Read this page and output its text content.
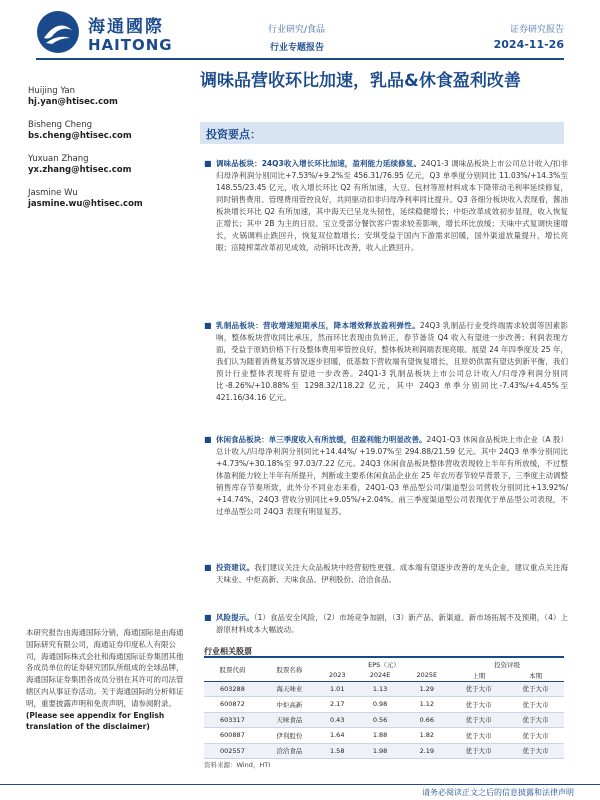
海通國際
HAITONG
行业研究/食品
行业专题报告
证券研究报告
2024-11-26
Huijing Yan
hj.yan@htisec.com
Bisheng Cheng
bs.cheng@htisec.com
Yuxuan Zhang
yx.zhang@htisec.com
Jasmine Wu
jasmine.wu@htisec.com
调味品营收环比加速，乳品&休食盈利改善
投资要点：
■ 调味品板块：24Q3收入增长环比加速，盈利能力延续修复。24Q1-3 调味品板块上市公司总计收入/扣非归母净利润分别同比+7.53%/+9.2%至 456.31/76.95 亿元，Q3 单季度分别同比 11.03%/+14.3%至 148.55/23.45 亿元，收入增长环比 Q2 有所加速，大豆、包材等原材料成本下降带动毛利率延续修复，同时销售费用、管理费用管控良好，共同驱动扣非归母净利率同比提升。Q3 各细分板块收入表现看，酱油板块增长环比 Q2 有所加速，其中海天已呈龙头韧性，延续稳健增长；中炬改革成效初步显现，收入恢复正增长；其中 2B 为主的日辰、宝立受部分餐饮客户需求较差影响，增长环比放缓；天味中式复调快速增长，火锅调料止跌回升，恢复双位数增长；安琪受益于国内下游需求回暖，国外渠道放量提升，增长亮眼；涪陵榨菜改革初见成效，动销环比改善，收入止跌回升。
■ 乳制品板块：营收增速短期承压，降本增效释放盈利弹性。24Q3 乳制品行业受终端需求较弱等因素影响，整体板块营收同比承压，然而环比表现由负转正，春节备货 Q4 收入有望进一步改善；利润表现方面，受益于原奶价格下行及整体费用率管控良好，整体板块利润端表现亮眼。展望 24 年四季度及 25 年，我们认为随着消费复苏情况逐步回暖，低基数下营收端有望恢复增长，且原奶供需有望达到新平衡，我们预计行业整体表现将有望进一步改善。24Q1-3 乳制品板块上市公司总计收入/归母净利润分别同比-8.26%/+10.88%至 1298.32/118.22 亿元，其中 24Q3 单季分别同比-7.43%/+4.45%至 421.16/34.16 亿元。
■ 休闲食品板块：单三季度收入有所放缓，但盈利能力明显改善。24Q1-Q3 休闲食品板块上市企业（A 股）总计收入/归母净利润分别同比+14.44%/ +19.07%至 294.88/21.59 亿元。其中 24Q3 单季分别同比+4.73%/+30.18%至 97.03/7.22 亿元。24Q3 休闲食品板块整体营收表现较上半年有所放缓，不过整体盈利能力较上半年有所提升，判断或主要系休闲食品企业在 25 年农历春节较早背景下，三季度主动调整销售库存节奏所致，此外分不同业态来看，24Q1-Q3 单品型公司/渠道型公司营收分别同比+13.92%/ +14.74%，24Q3 营收分别同比+9.05%/+2.04%。前三季度渠道型公司表现优于单品型公司表现，不过单品型公司 24Q3 表现有明显复苏。
■ 投资建议。我们建议关注大众品板块中经营韧性更强、成本端有望逐步改善的龙头企业，建议重点关注海天味业、中炬高新、天味食品、伊利股份、洽洽食品。
■ 风险提示。（1）食品安全风险，（2）市场竞争加剧，（3）新产品、新渠道、新市场拓展不及预期，（4）上游原材料成本大幅波动。
本研究报告由海通国际分销，海通国际是由海通国际研究有限公司，海通证券印度私人有限公司，海通国际株式会社和海通国际证券集团其他各成员单位的证券研究团队所组成的全球品牌，海通国际证券集团各成员分别在其许可的司法管辖区内从事证券活动。关于海通国际的分析师证明，重要披露声明和免责声明，请参阅附录。 (Please see appendix for English translation of the disclaimer)
行业相关股票
股票代码	股票名称	EPS（元）			投资评级	
		2023	2024E	2025E	上期	本期
603288	海天味业	1.01	1.13	1.29	优于大市	优于大市
600872	中炬高新	2.17	0.98	1.12	优于大市	优于大市
603317	天味食品	0.43	0.56	0.66	优于大市	优于大市
600887	伊利股份	1.64	1.88	1.82	优于大市	优于大市
002557	洽洽食品	1.58	1.98	2.19	优于大市	优于大市
资料来源：Wind，HTI
请务必阅读正文之后的信息披露和法律声明
